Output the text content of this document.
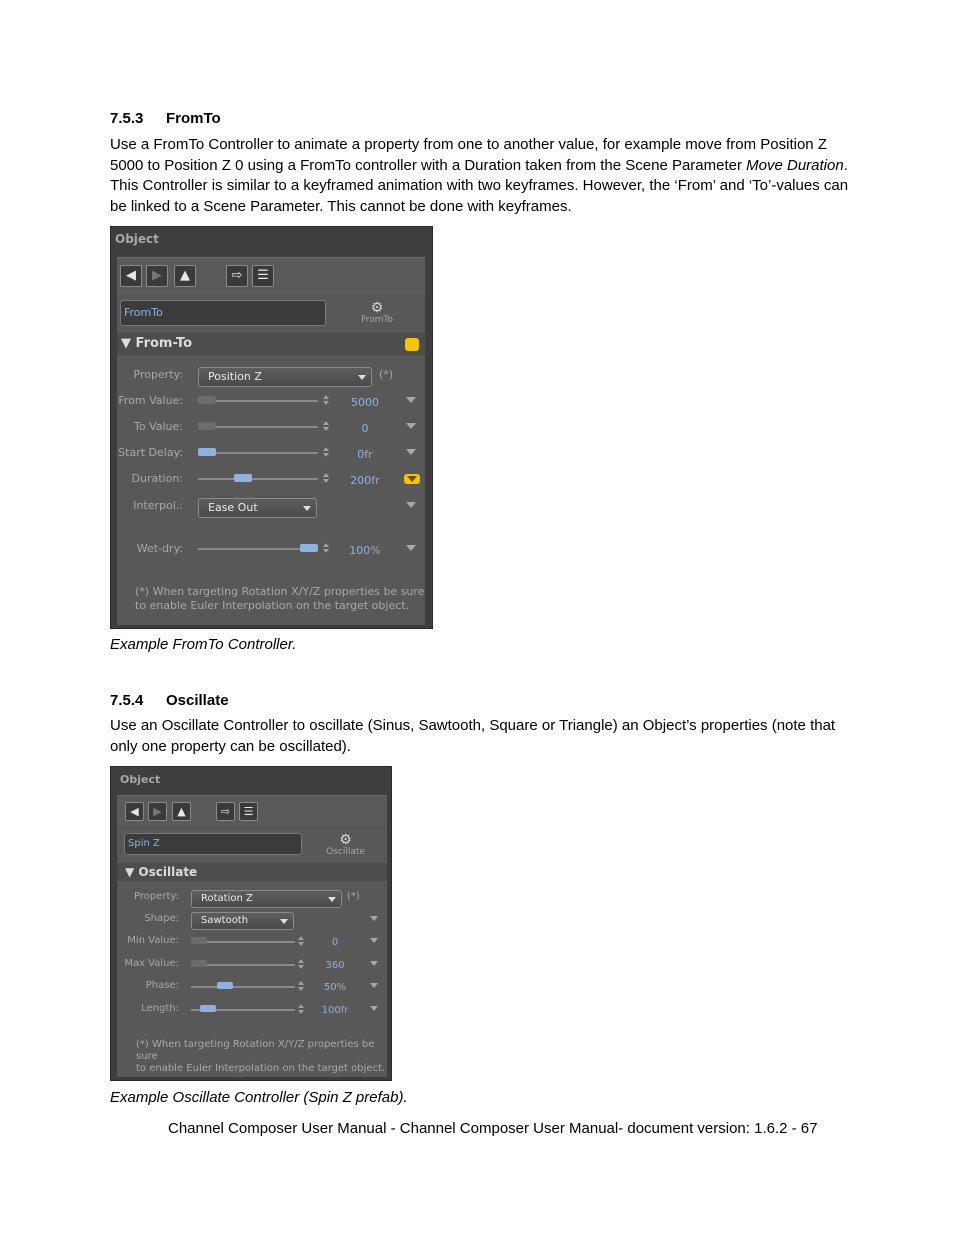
7.5.3 FromTo
Use a FromTo Controller to animate a property from one to another value, for example move from Position Z 5000 to Position Z 0 using a FromTo controller with a Duration taken from the Scene Parameter Move Duration. This Controller is similar to a keyframed animation with two keyframes. However, the ‘From’ and ‘To’-values can be linked to a Scene Parameter. This cannot be done with keyframes.
Object
◀	▶	▲	⇨	☰
FromTo	⚙
FromTo
▼ From-To
Property:	Position Z	(*)
From Value:	5000
To Value:	0
Start Delay:	0fr
Duration:	200fr
Interpol.:	Ease Out
Wet-dry:	100%
(*) When targeting Rotation X/Y/Z properties be sure
to enable Euler Interpolation on the target object.
Example FromTo Controller.
7.5.4 Oscillate
Use an Oscillate Controller to oscillate (Sinus, Sawtooth, Square or Triangle) an Object’s properties (note that only one property can be oscillated).
Object
◀	▶	▲	⇨	☰
Spin Z	⚙
Oscillate
▼ Oscillate
Property:	Rotation Z	(*)
Shape:	Sawtooth
Min Value:	0
Max Value:	360
Phase:	50%
Length:	100fr
(*) When targeting Rotation X/Y/Z properties be sure
to enable Euler Interpolation on the target object.
Example Oscillate Controller (Spin Z prefab).
Channel Composer User Manual - Channel Composer User Manual- document version: 1.6.2 - 67
